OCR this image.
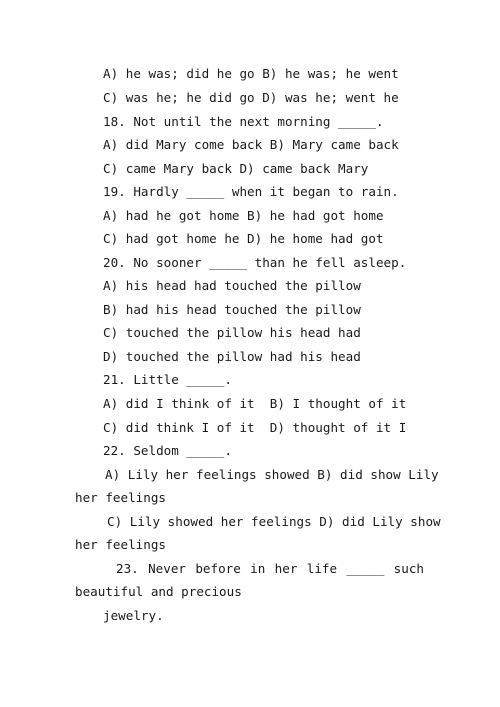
A) he was; did he go B) he was; he went
C) was he; he did go D) was he; went he
18. Not until the next morning _____.
A) did Mary come back B) Mary came back
C) came Mary back D) came back Mary
19. Hardly _____ when it began to rain.
A) had he got home B) he had got home
C) had got home he D) he home had got
20. No sooner _____ than he fell asleep.
A) his head had touched the pillow
B) had his head touched the pillow
C) touched the pillow his head had
D) touched the pillow had his head
21. Little _____.
A) did I think of it  B) I thought of it
C) did think I of it  D) thought of it I
22. Seldom _____.
A) Lily her feelings showed B) did show Lily
her feelings
C) Lily showed her feelings D) did Lily show
her feelings
23. Never before in her life _____ such
beautiful and precious
jewelry.
